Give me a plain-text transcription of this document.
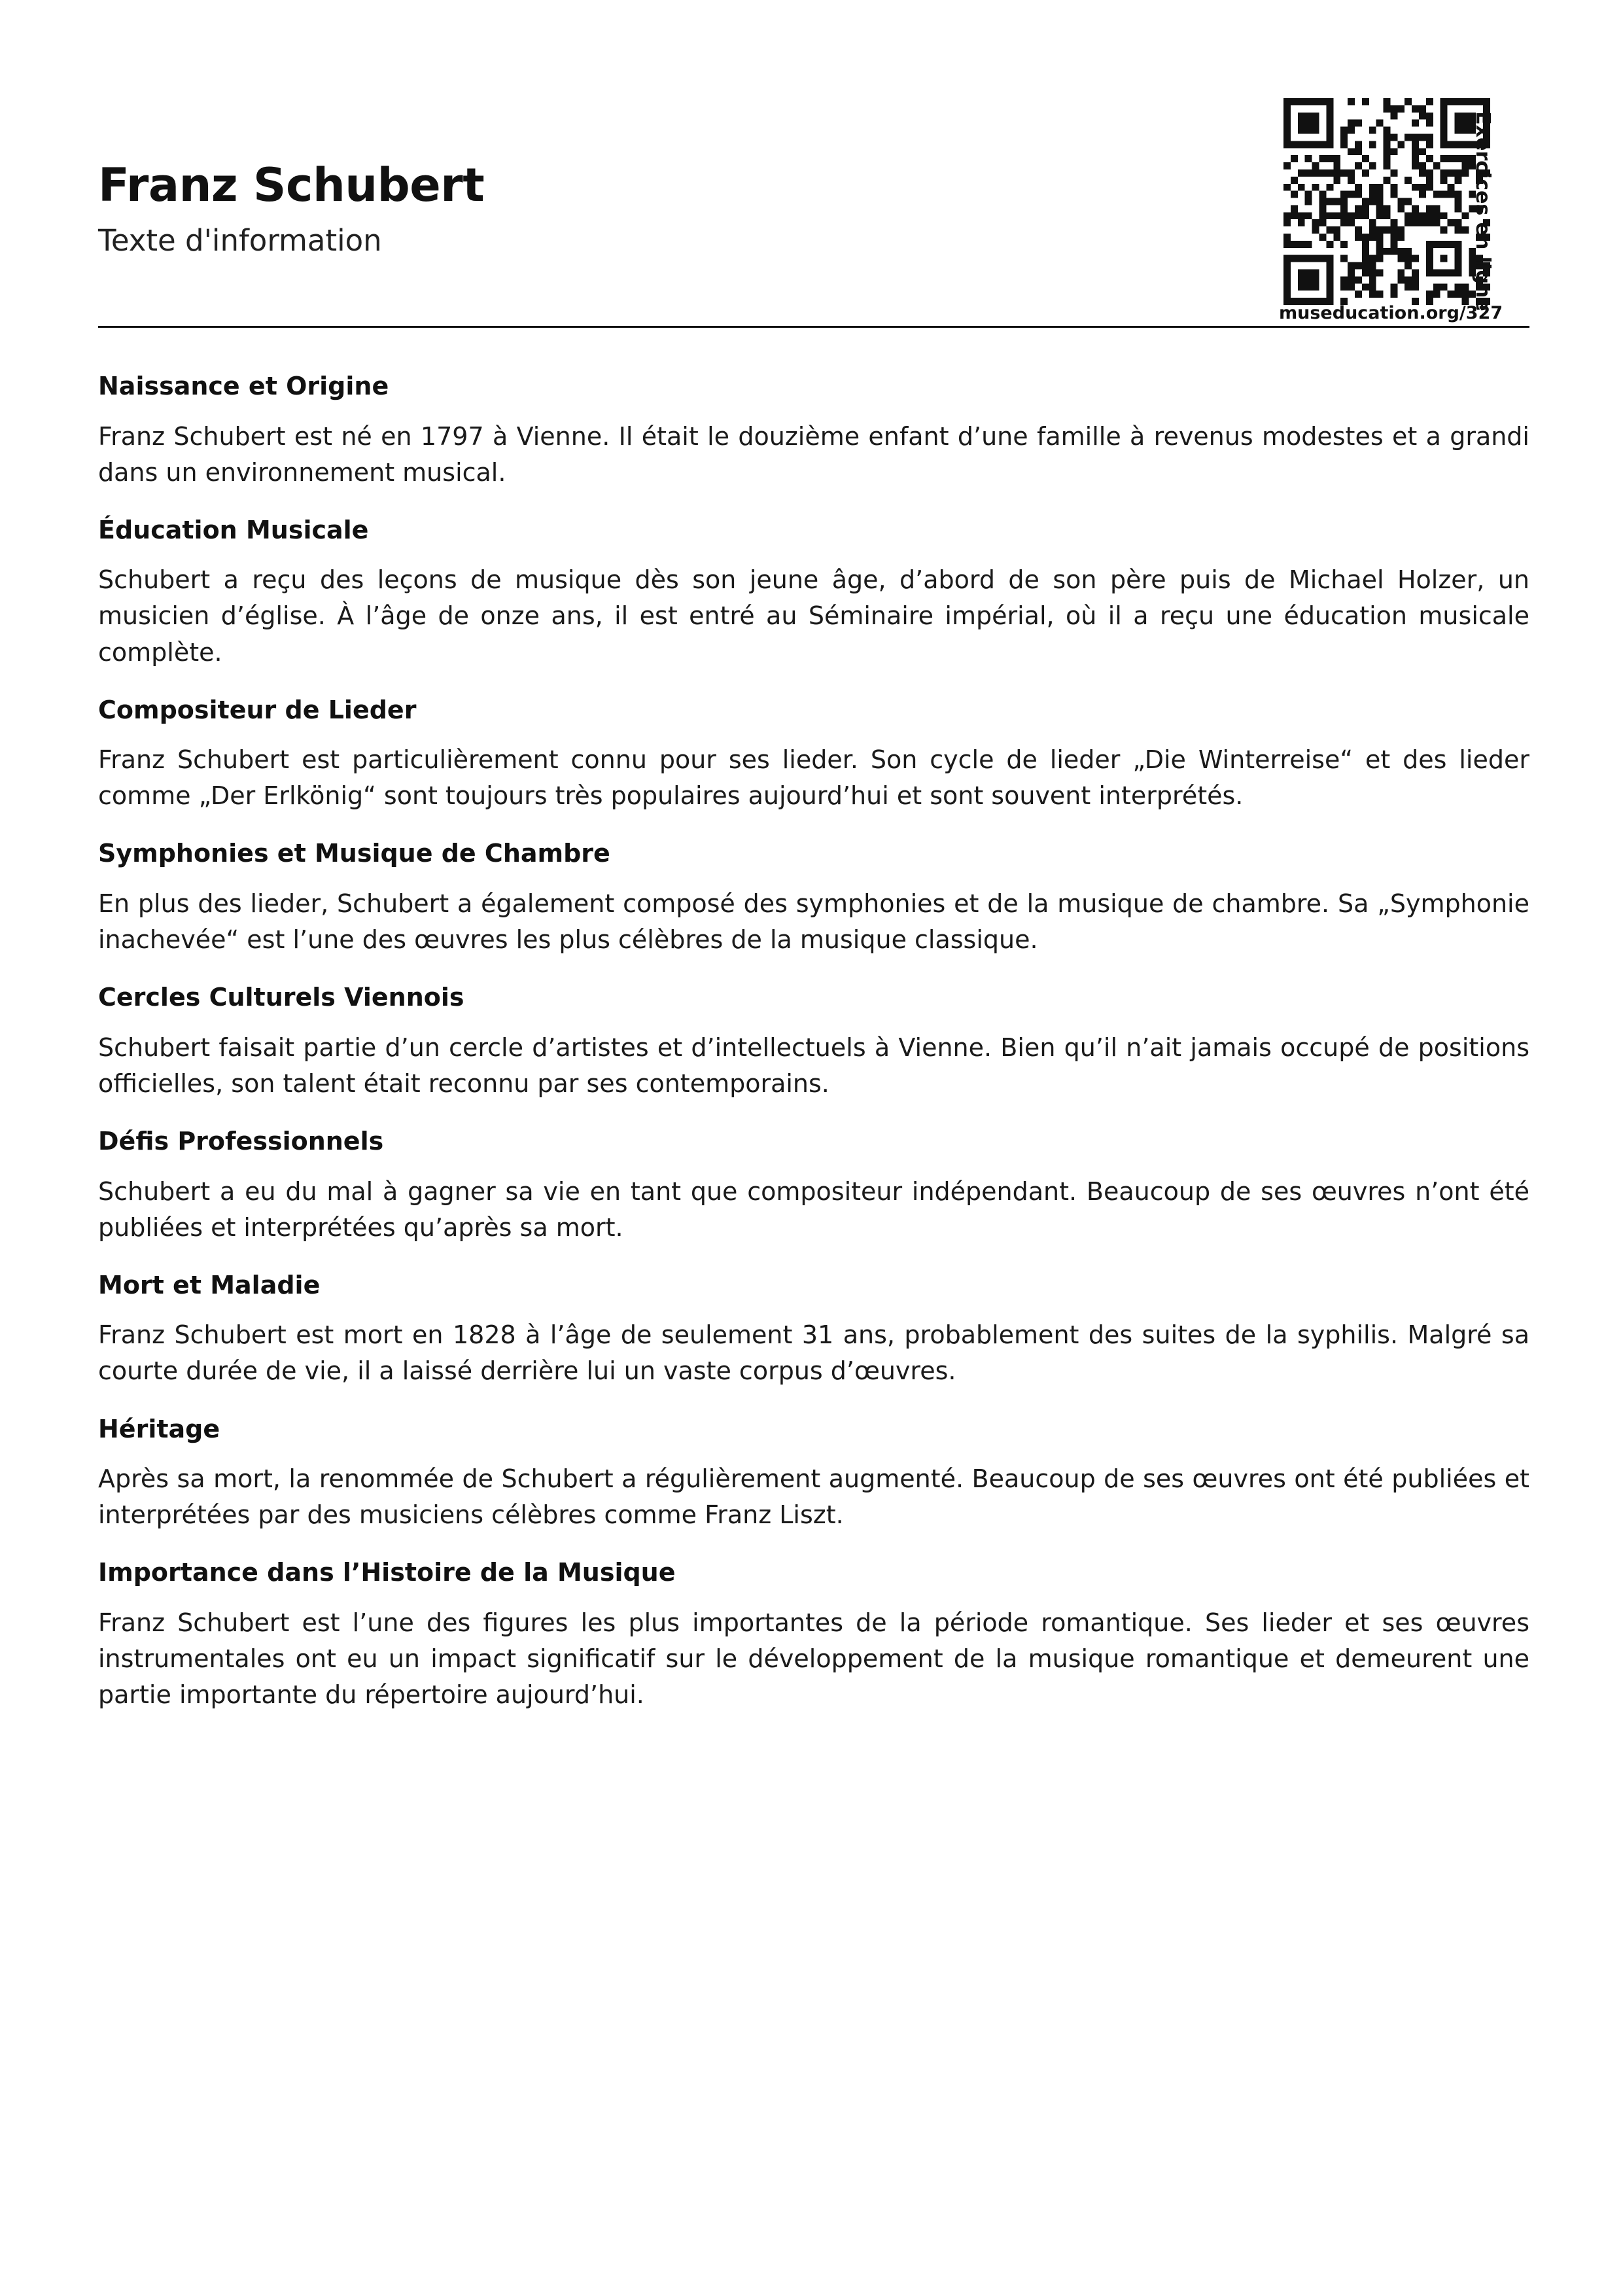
Franz Schubert
Texte d'information
museducation.org/327
Exercices en ligne
Naissance et Origine

Franz Schubert est né en 1797 à Vienne. Il était le douzième enfant d’une famille à revenus modestes et a grandi dans un environnement musical.

Éducation Musicale

Schubert a reçu des leçons de musique dès son jeune âge, d’abord de son père puis de Michael Holzer, un musicien d’église. À l’âge de onze ans, il est entré au Séminaire impérial, où il a reçu une éducation musicale complète.

Compositeur de Lieder

Franz Schubert est particulièrement connu pour ses lieder. Son cycle de lieder „Die Winterreise“ et des lieder comme „Der Erlkönig“ sont toujours très populaires aujourd’hui et sont souvent interprétés.

Symphonies et Musique de Chambre

En plus des lieder, Schubert a également composé des symphonies et de la musique de chambre. Sa „Symphonie inachevée“ est l’une des œuvres les plus célèbres de la musique classique.

Cercles Culturels Viennois

Schubert faisait partie d’un cercle d’artistes et d’intellectuels à Vienne. Bien qu’il n’ait jamais occupé de positions officielles, son talent était reconnu par ses contemporains.

Défis Professionnels

Schubert a eu du mal à gagner sa vie en tant que compositeur indépendant. Beaucoup de ses œuvres n’ont été publiées et interprétées qu’après sa mort.

Mort et Maladie

Franz Schubert est mort en 1828 à l’âge de seulement 31 ans, probablement des suites de la syphilis. Malgré sa courte durée de vie, il a laissé derrière lui un vaste corpus d’œuvres.

Héritage

Après sa mort, la renommée de Schubert a régulièrement augmenté. Beaucoup de ses œuvres ont été publiées et interprétées par des musiciens célèbres comme Franz Liszt.

Importance dans l’Histoire de la Musique

Franz Schubert est l’une des figures les plus importantes de la période romantique. Ses lieder et ses œuvres instrumentales ont eu un impact significatif sur le développement de la musique romantique et demeurent une partie importante du répertoire aujourd’hui.
